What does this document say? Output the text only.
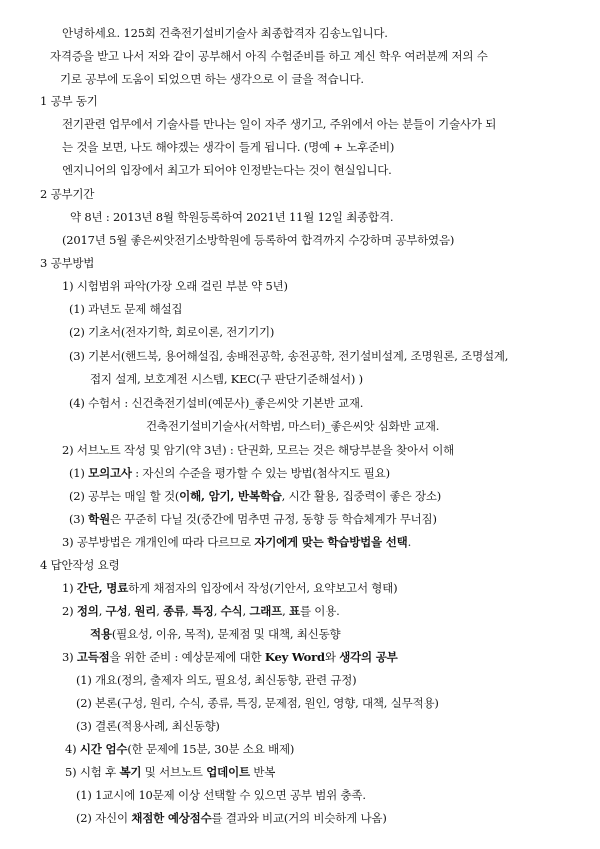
안녕하세요. 125회 건축전기설비기술사 최종합격자 김송노입니다.

자격증을 받고 나서 저와 같이 공부해서 아직 수험준비를 하고 계신 학우 여러분께 저의 수

기로 공부에 도움이 되었으면 하는 생각으로 이 글을 적습니다.

1 공부 동기

전기관련 업무에서 기술사를 만나는 일이 자주 생기고, 주위에서 아는 분들이 기술사가 되

는 것을 보면, 나도 해야겠는 생각이 들게 됩니다. (명예 + 노후준비)

엔지니어의 입장에서 최고가 되어야 인정받는다는 것이 현실입니다.

2 공부기간

약 8년 : 2013년 8월 학원등록하여 2021년 11월 12일 최종합격.

(2017년 5월 좋은씨앗전기소방학원에 등록하여 합격까지 수강하며 공부하였음)

3 공부방법

1) 시험범위 파악(가장 오래 걸린 부분 약 5년)

(1) 과년도 문제 해설집

(2) 기초서(전자기학, 회로이론, 전기기기)

(3) 기본서(핸드북, 용어해설집, 송배전공학, 송전공학, 전기설비설계, 조명원론, 조명설계,

접지 설계, 보호계전 시스템, KEC(구 판단기준해설서) )

(4) 수험서 : 신건축전기설비(예문사)_좋은씨앗 기본반 교재.

건축전기설비기술사(서학범, 마스터)_좋은씨앗 심화반 교재.

2) 서브노트 작성 및 암기(약 3년) : 단권화, 모르는 것은 해당부분을 찾아서 이해

(1) 모의고사 : 자신의 수준을 평가할 수 있는 방법(첨삭지도 필요)

(2) 공부는 매일 할 것(이해, 암기, 반복학습, 시간 활용, 집중력이 좋은 장소)

(3) 학원은 꾸준히 다닐 것(중간에 멈추면 규정, 동향 등 학습체계가 무너짐)

3) 공부방법은 개개인에 따라 다르므로 자기에게 맞는 학습방법을 선택.

4 답안작성 요령

1) 간단, 명료하게 채점자의 입장에서 작성(기안서, 요약보고서 형태)

2) 정의, 구성, 원리, 종류, 특징, 수식, 그래프, 표를 이용.

적용(필요성, 이유, 목적), 문제점 및 대책, 최신동향

3) 고득점을 위한 준비 : 예상문제에 대한 Key Word와 생각의 공부

(1) 개요(정의, 출제자 의도, 필요성, 최신동향, 관련 규정)

(2) 본론(구성, 원리, 수식, 종류, 특징, 문제점, 원인, 영향, 대책, 실무적용)

(3) 결론(적용사례, 최신동향)

4) 시간 엄수(한 문제에 15분, 30분 소요 배제)

5) 시험 후 복기 및 서브노트 업데이트 반복

(1) 1교시에 10문제 이상 선택할 수 있으면 공부 범위 충족.

(2) 자신이 채점한 예상점수를 결과와 비교(거의 비슷하게 나옴)
